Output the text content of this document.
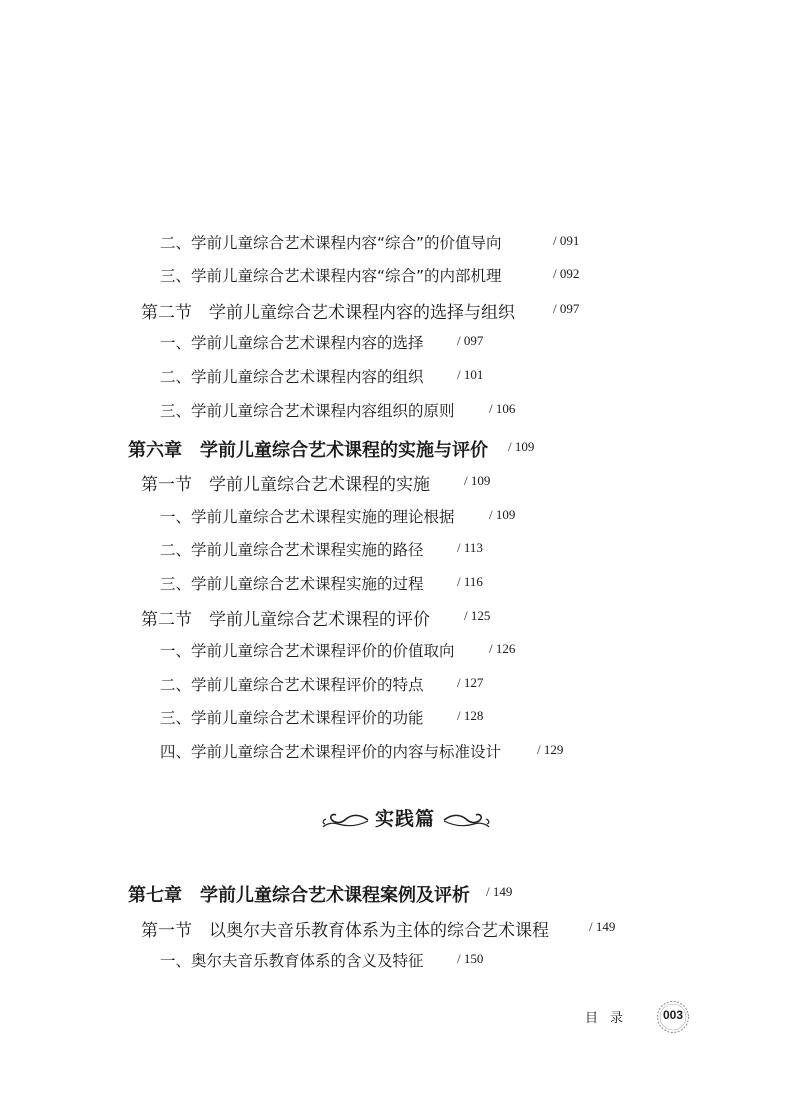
二、学前儿童综合艺术课程内容“综合”的价值导向	/ 091
三、学前儿童综合艺术课程内容“综合”的内部机理	/ 092
第二节　学前儿童综合艺术课程内容的选择与组织	/ 097
一、学前儿童综合艺术课程内容的选择	/ 097
二、学前儿童综合艺术课程内容的组织	/ 101
三、学前儿童综合艺术课程内容组织的原则	/ 106
第六章　学前儿童综合艺术课程的实施与评价 / 109
第一节　学前儿童综合艺术课程的实施	/ 109
一、学前儿童综合艺术课程实施的理论根据	/ 109
二、学前儿童综合艺术课程实施的路径	/ 113
三、学前儿童综合艺术课程实施的过程	/ 116
第二节　学前儿童综合艺术课程的评价	/ 125
一、学前儿童综合艺术课程评价的价值取向	/ 126
二、学前儿童综合艺术课程评价的特点	/ 127
三、学前儿童综合艺术课程评价的功能	/ 128
四、学前儿童综合艺术课程评价的内容与标准设计	/ 129
第七章　学前儿童综合艺术课程案例及评析 / 149
第一节　以奥尔夫音乐教育体系为主体的综合艺术课程	/ 149
一、奥尔夫音乐教育体系的含义及特征	/ 150
实践篇
目录	003
